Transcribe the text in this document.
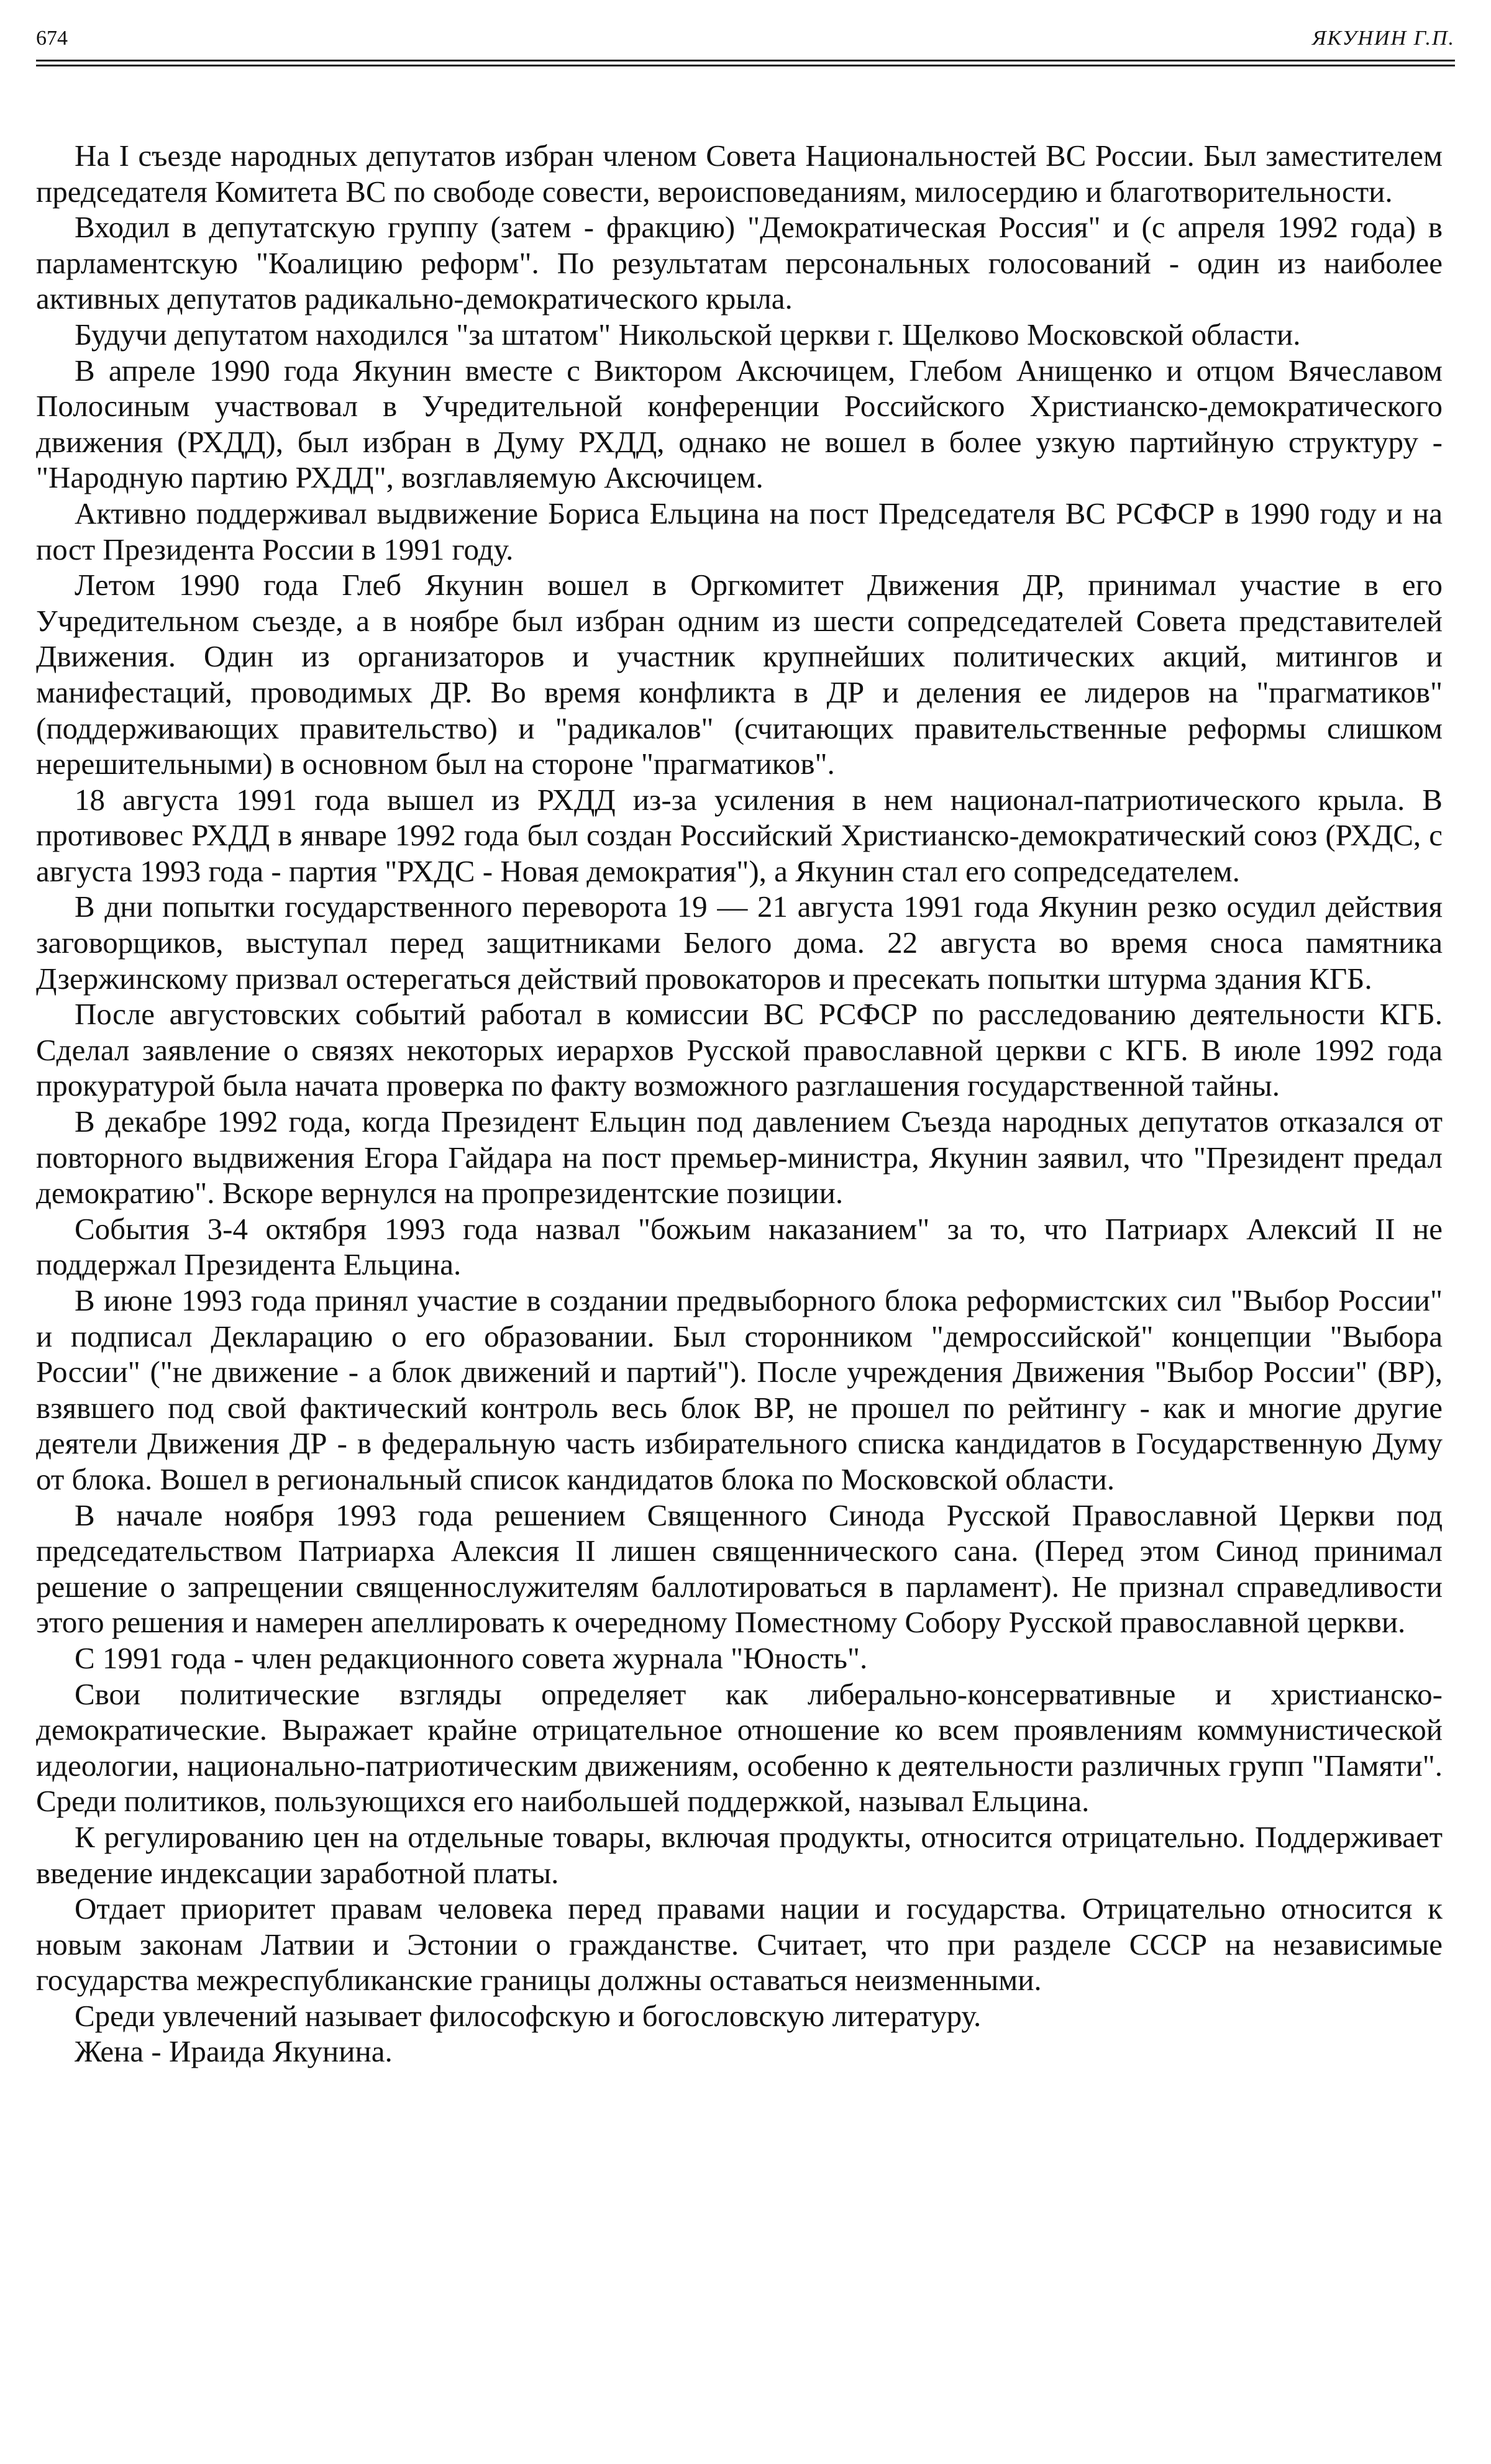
674	ЯКУНИН Г.П.

На I съезде народных депутатов избран членом Совета Национальностей ВС России. Был заместителем председателя Комитета ВС по свободе совести, вероисповеданиям, милосердию и благотворительности.

Входил в депутатскую группу (затем - фракцию) "Демократическая Россия" и (с апреля 1992 года) в парламентскую "Коалицию реформ". По результатам персональных голосований - один из наиболее активных депутатов радикально-демократического крыла.

Будучи депутатом находился "за штатом" Никольской церкви г. Щелково Московской области.

В апреле 1990 года Якунин вместе с Виктором Аксючицем, Глебом Анищенко и отцом Вячеславом Полосиным участвовал в Учредительной конференции Российского Христианско-демократического движения (РХДД), был избран в Думу РХДД, однако не вошел в более узкую партийную структуру - "Народную партию РХДД", возглавляемую Аксючицем.

Активно поддерживал выдвижение Бориса Ельцина на пост Председателя ВС РСФСР в 1990 году и на пост Президента России в 1991 году.

Летом 1990 года Глеб Якунин вошел в Оргкомитет Движения ДР, принимал участие в его Учредительном съезде, а в ноябре был избран одним из шести сопредседателей Совета представителей Движения. Один из организаторов и участник крупнейших политических акций, митингов и манифестаций, проводимых ДР. Во время конфликта в ДР и деления ее лидеров на "прагматиков" (поддерживающих правительство) и "радикалов" (считающих правительственные реформы слишком нерешительными) в основном был на стороне "прагматиков".

18 августа 1991 года вышел из РХДД из-за усиления в нем национал-патриотического крыла. В противовес РХДД в январе 1992 года был создан Российский Христианско-демократический союз (РХДС, с августа 1993 года - партия "РХДС - Новая демократия"), а Якунин стал его сопредседателем.

В дни попытки государственного переворота 19 — 21 августа 1991 года Якунин резко осудил действия заговорщиков, выступал перед защитниками Белого дома. 22 августа во время сноса памятника Дзержинскому призвал остерегаться действий провокаторов и пресекать попытки штурма здания КГБ.

После августовских событий работал в комиссии ВС РСФСР по расследованию деятельности КГБ. Сделал заявление о связях некоторых иерархов Русской православной церкви с КГБ. В июле 1992 года прокуратурой была начата проверка по факту возможного разглашения государственной тайны.

В декабре 1992 года, когда Президент Ельцин под давлением Съезда народных депутатов отказался от повторного выдвижения Егора Гайдара на пост премьер-министра, Якунин заявил, что "Президент предал демократию". Вскоре вернулся на пропрезидентские позиции.

События 3-4 октября 1993 года назвал "божьим наказанием" за то, что Патриарх Алексий II не поддержал Президента Ельцина.

В июне 1993 года принял участие в создании предвыборного блока реформистских сил "Выбор России" и подписал Декларацию о его образовании. Был сторонником "демроссийской" концепции "Выбора России" ("не движение - а блок движений и партий"). После учреждения Движения "Выбор России" (ВР), взявшего под свой фактический контроль весь блок ВР, не прошел по рейтингу - как и многие другие деятели Движения ДР - в федеральную часть избирательного списка кандидатов в Государственную Думу от блока. Вошел в региональный список кандидатов блока по Московской области.

В начале ноября 1993 года решением Священного Синода Русской Православной Церкви под председательством Патриарха Алексия II лишен священнического сана. (Перед этом Синод принимал решение о запрещении священнослужителям баллотироваться в парламент). Не признал справедливости этого решения и намерен апеллировать к очередному Поместному Собору Русской православной церкви.

С 1991 года - член редакционного совета журнала "Юность".

Свои политические взгляды определяет как либерально-консервативные и христианско-демократические. Выражает крайне отрицательное отношение ко всем проявлениям коммунистической идеологии, национально-патриотическим движениям, особенно к деятельности различных групп "Памяти". Среди политиков, пользующихся его наибольшей поддержкой, называл Ельцина.

К регулированию цен на отдельные товары, включая продукты, относится отрицательно. Поддерживает введение индексации заработной платы.

Отдает приоритет правам человека перед правами нации и государства. Отрицательно относится к новым законам Латвии и Эстонии о гражданстве. Считает, что при разделе СССР на независимые государства межреспубликанские границы должны оставаться неизменными.

Среди увлечений называет философскую и богословскую литературу.

Жена - Ираида Якунина.
